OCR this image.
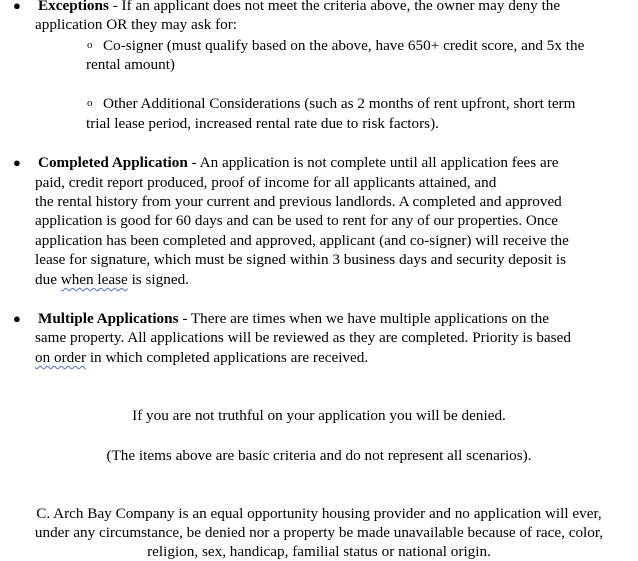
● Exceptions - If an applicant does not meet the criteria above, the owner may deny the
application OR they may ask for:
o Co-signer (must qualify based on the above, have 650+ credit score, and 5x the
rental amount)
o Other Additional Considerations (such as 2 months of rent upfront, short term
trial lease period, increased rental rate due to risk factors).
● Completed Application - An application is not complete until all application fees are
paid, credit report produced, proof of income for all applicants attained, and
the rental history from your current and previous landlords. A completed and approved
application is good for 60 days and can be used to rent for any of our properties. Once
application has been completed and approved, applicant (and co-signer) will receive the
lease for signature, which must be signed within 3 business days and security deposit is
due when lease is signed.
● Multiple Applications - There are times when we have multiple applications on the
same property. All applications will be reviewed as they are completed. Priority is based
on order in which completed applications are received.
If you are not truthful on your application you will be denied.
(The items above are basic criteria and do not represent all scenarios).
C. Arch Bay Company is an equal opportunity housing provider and no application will ever,
under any circumstance, be denied nor a property be made unavailable because of race, color,
religion, sex, handicap, familial status or national origin.
